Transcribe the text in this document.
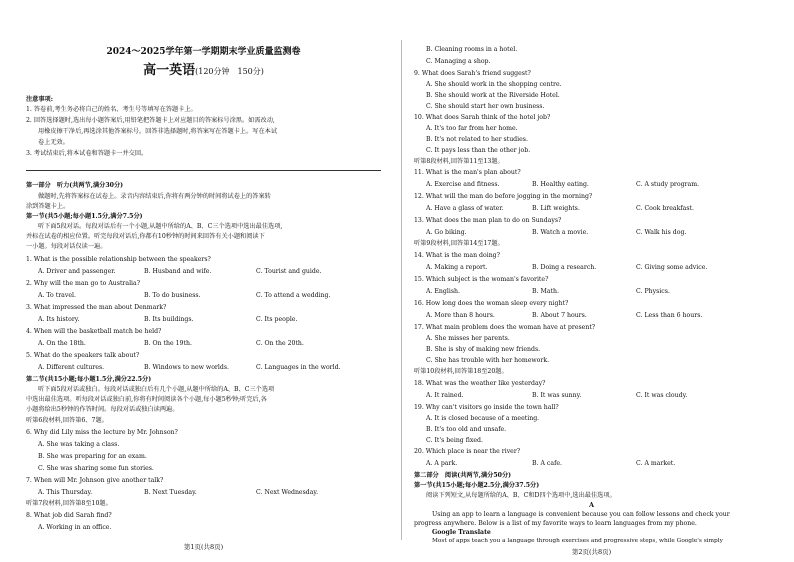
2024～2025学年第一学期期末学业质量监测卷
高一英语(120分钟　150分)
注意事项:
1. 答卷前,考生务必将自己的姓名、考生号等填写在答题卡上。
2. 回答选择题时,选出每小题答案后,用铅笔把答题卡上对应题目的答案标号涂黑。如需改动,
用橡皮擦干净后,再选涂其他答案标号。回答非选择题时,将答案写在答题卡上。写在本试
卷上无效。
3. 考试结束后,将本试卷和答题卡一并交回。
第一部分　听力(共两节,满分30分)
做题时,先将答案标在试卷上。录音内容结束后,你将有两分钟的时间将试卷上的答案转
涂到答题卡上。
第一节(共5小题;每小题1.5分,满分7.5分)
听下面5段对话。每段对话后有一个小题,从题中所给的A、B、C三个选项中选出最佳选项,
并标在试卷的相应位置。听完每段对话后,你都有10秒钟的时间来回答有关小题和阅读下
一小题。每段对话仅读一遍。
1. What is the possible relationship between the speakers?
A. Driver and passenger.	B. Husband and wife.	C. Tourist and guide.
2. Why will the man go to Australia?
A. To travel.	B. To do business.	C. To attend a wedding.
3. What impressed the man about Denmark?
A. Its history.	B. Its buildings.	C. Its people.
4. When will the basketball match be held?
A. On the 18th.	B. On the 19th.	C. On the 20th.
5. What do the speakers talk about?
A. Different cultures.	B. Windows to new worlds.	C. Languages in the world.
第二节(共15小题;每小题1.5分,满分22.5分)
听下面5段对话或独白。每段对话或独白后有几个小题,从题中所给的A、B、C三个选项
中选出最佳选项。听每段对话或独白前,你将有时间阅读各个小题,每小题5秒钟;听完后,各
小题将给出5秒钟的作答时间。每段对话或独白读两遍。
听第6段材料,回答第6、7题。
6. Why did Lily miss the lecture by Mr. Johnson?
A. She was taking a class.
B. She was preparing for an exam.
C. She was sharing some fun stories.
7. When will Mr. Johnson give another talk?
A. This Thursday.	B. Next Tuesday.	C. Next Wednesday.
听第7段材料,回答第8至10题。
8. What job did Sarah find?
A. Working in an office.
第1页(共8页)
B. Cleaning rooms in a hotel.
C. Managing a shop.
9. What does Sarah's friend suggest?
A. She should work in the shopping centre.
B. She should work at the Riverside Hotel.
C. She should start her own business.
10. What does Sarah think of the hotel job?
A. It's too far from her home.
B. It's not related to her studies.
C. It pays less than the other job.
听第8段材料,回答第11至13题。
11. What is the man's plan about?
A. Exercise and fitness.	B. Healthy eating.	C. A study program.
12. What will the man do before jogging in the morning?
A. Have a glass of water.	B. Lift weights.	C. Cook breakfast.
13. What does the man plan to do on Sundays?
A. Go biking.	B. Watch a movie.	C. Walk his dog.
听第9段材料,回答第14至17题。
14. What is the man doing?
A. Making a report.	B. Doing a research.	C. Giving some advice.
15. Which subject is the woman's favorite?
A. English.	B. Math.	C. Physics.
16. How long does the woman sleep every night?
A. More than 8 hours.	B. About 7 hours.	C. Less than 6 hours.
17. What main problem does the woman have at present?
A. She misses her parents.
B. She is shy of making new friends.
C. She has trouble with her homework.
听第10段材料,回答第18至20题。
18. What was the weather like yesterday?
A. It rained.	B. It was sunny.	C. It was cloudy.
19. Why can't visitors go inside the town hall?
A. It is closed because of a meeting.
B. It's too old and unsafe.
C. It's being fixed.
20. Which place is near the river?
A. A park.	B. A cafe.	C. A market.
第二部分　阅读(共两节,满分50分)
第一节(共15小题;每小题2.5分,满分37.5分)
阅读下列短文,从每题所给的A、B、C和D四个选项中,选出最佳选项。
A
Using an app to learn a language is convenient because you can follow lessons and check your
progress anywhere. Below is a list of my favorite ways to learn languages from my phone.
Google Translate
Most of apps teach you a language through exercises and progressive steps, while Google's simply
第2页(共8页)
